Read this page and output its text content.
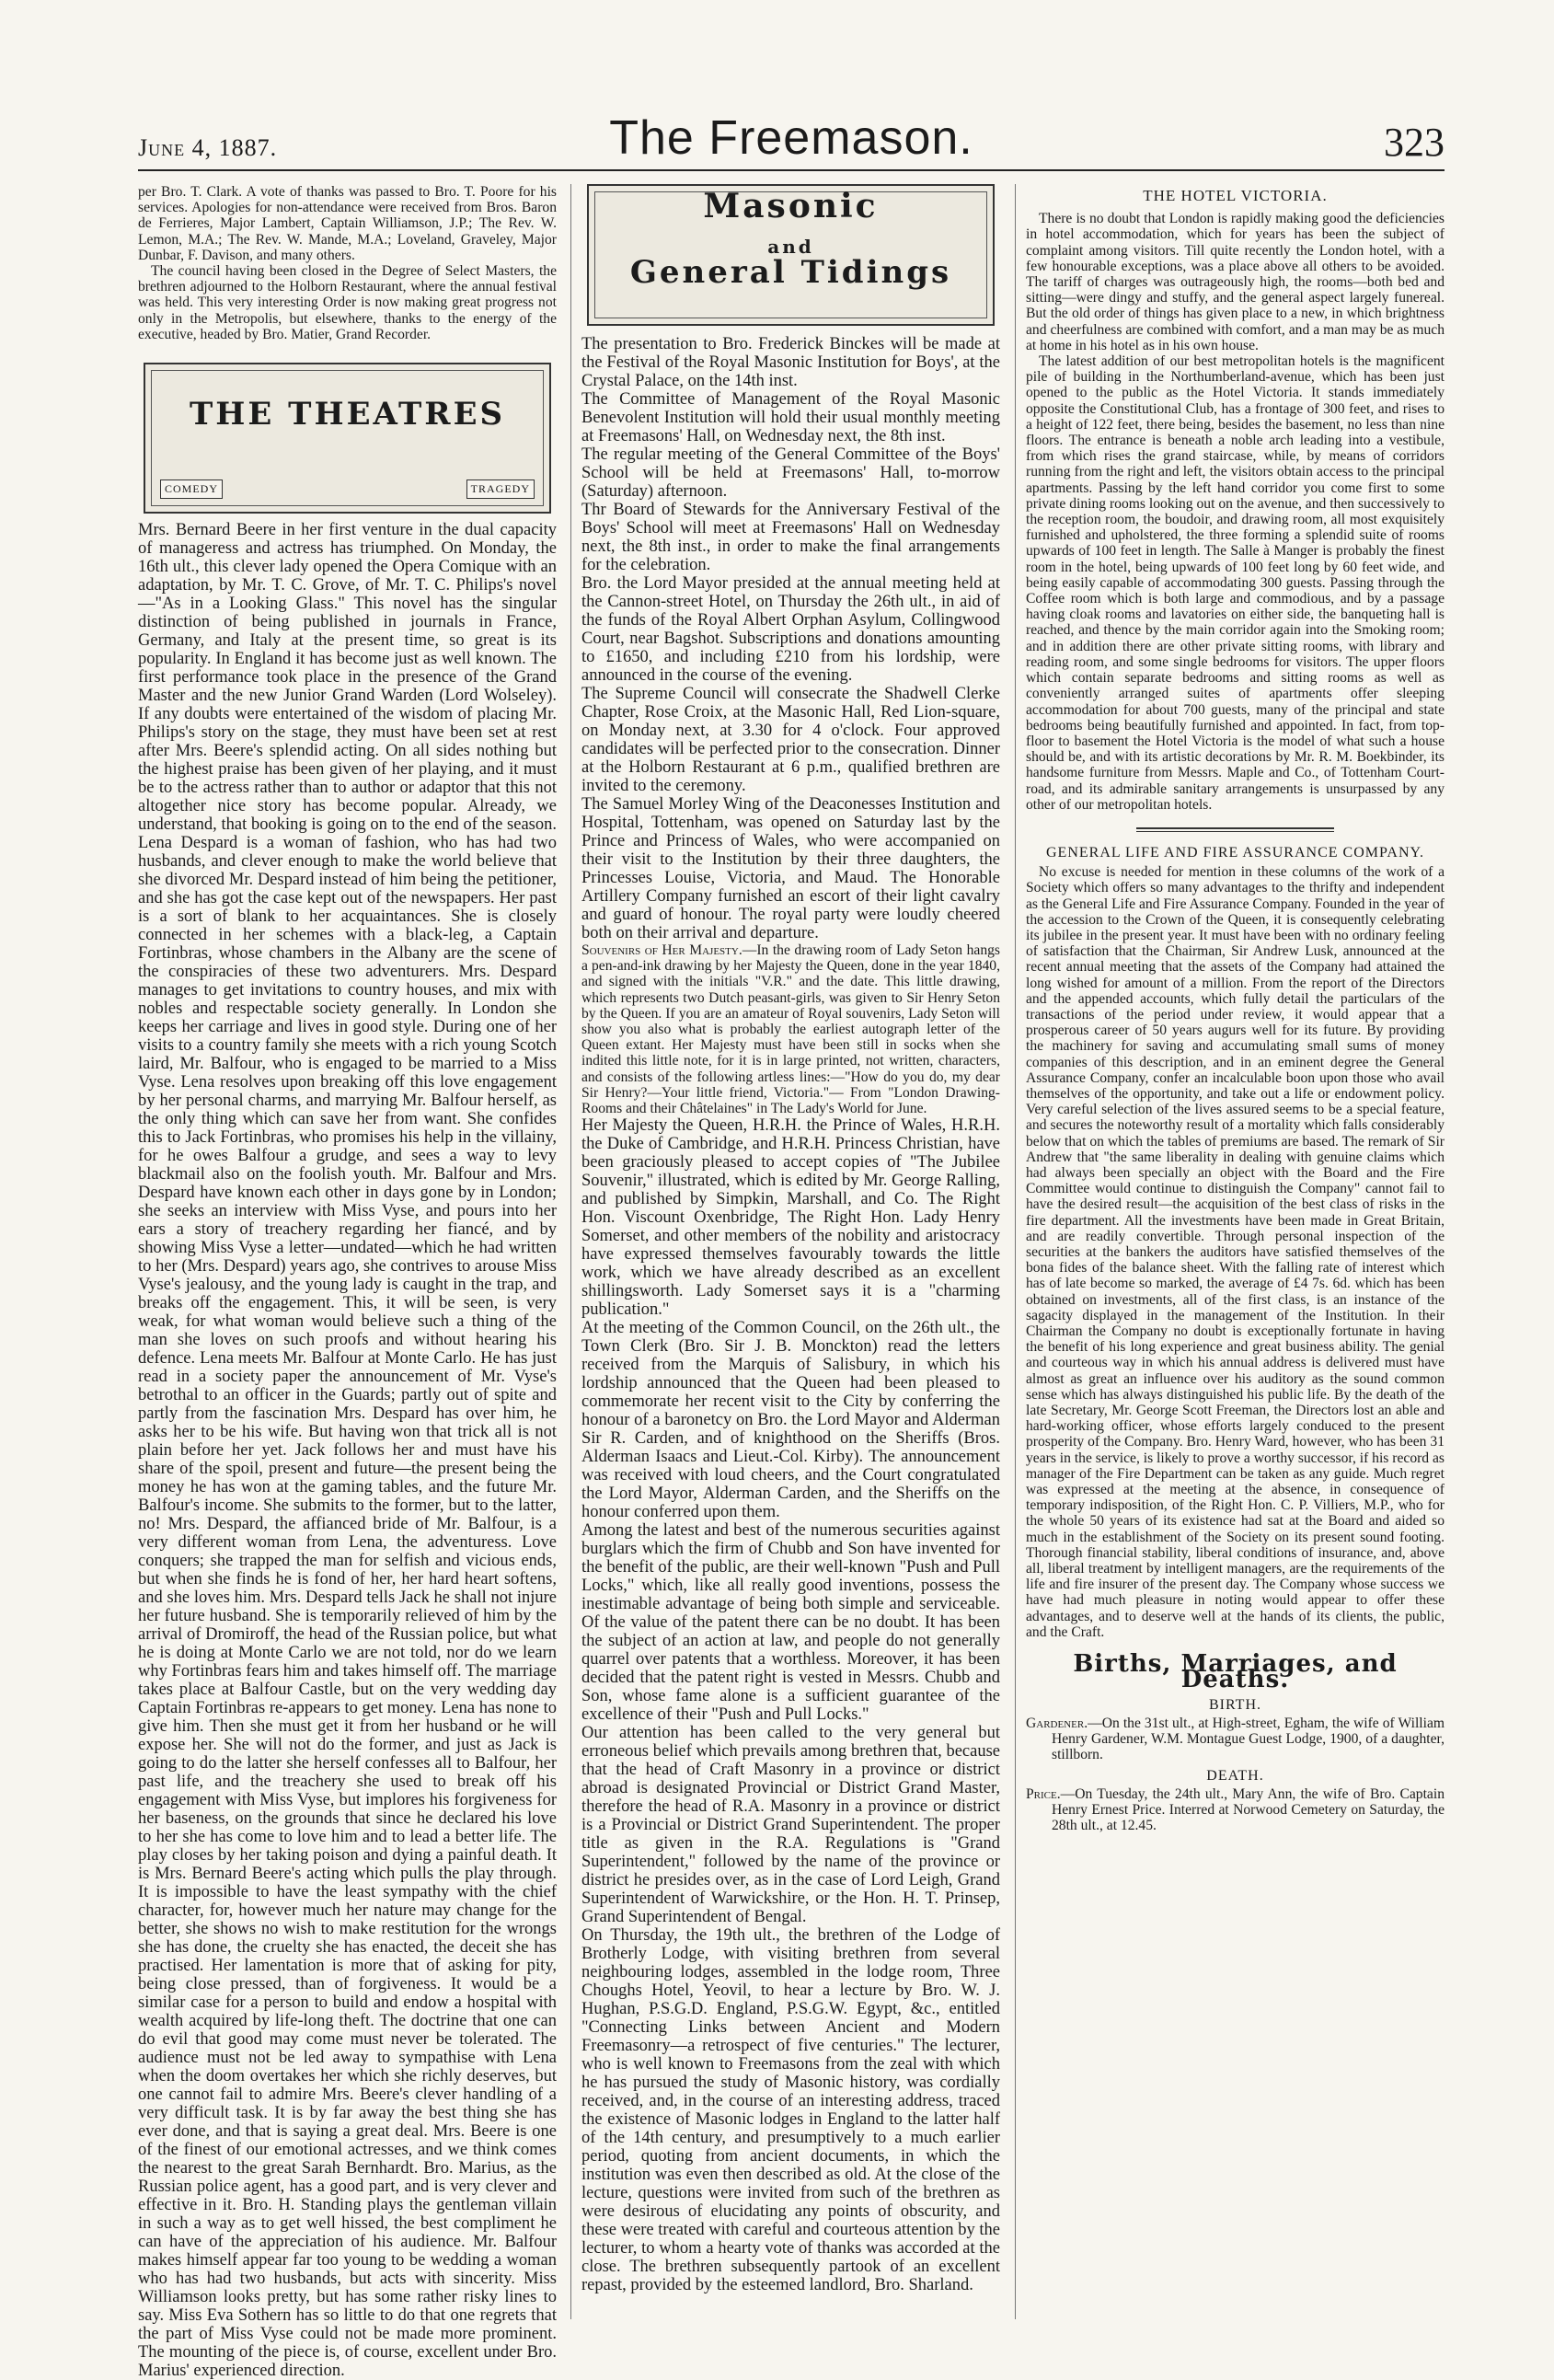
June 4, 1887.	The Freemason.	323

per Bro. T. Clark. A vote of thanks was passed to Bro. T. Poore for his services. Apologies for non-attendance were received from Bros. Baron de Ferrieres, Major Lambert, Captain Williamson, J.P.; The Rev. W. Lemon, M.A.; The Rev. W. Mande, M.A.; Loveland, Graveley, Major Dunbar, F. Davison, and many others.

The council having been closed in the Degree of Select Masters, the brethren adjourned to the Holborn Restaurant, where the annual festival was held. This very interesting Order is now making great progress not only in the Metropolis, but elsewhere, thanks to the energy of the executive, headed by Bro. Matier, Grand Recorder.

THE THEATRES
COMEDY	TRAGEDY

Mrs. Bernard Beere in her first venture in the dual capacity of manageress and actress has triumphed. On Monday, the 16th ult., this clever lady opened the Opera Comique with an adaptation, by Mr. T. C. Grove, of Mr. T. C. Philips's novel—"As in a Looking Glass." This novel has the singular distinction of being published in journals in France, Germany, and Italy at the present time, so great is its popularity. In England it has become just as well known. The first performance took place in the presence of the Grand Master and the new Junior Grand Warden (Lord Wolseley). If any doubts were entertained of the wisdom of placing Mr. Philips's story on the stage, they must have been set at rest after Mrs. Beere's splendid acting. On all sides nothing but the highest praise has been given of her playing, and it must be to the actress rather than to author or adaptor that this not altogether nice story has become popular. Already, we understand, that booking is going on to the end of the season. Lena Despard is a woman of fashion, who has had two husbands, and clever enough to make the world believe that she divorced Mr. Despard instead of him being the petitioner, and she has got the case kept out of the newspapers. Her past is a sort of blank to her acquaintances. She is closely connected in her schemes with a black-leg, a Captain Fortinbras, whose chambers in the Albany are the scene of the conspiracies of these two adventurers. Mrs. Despard manages to get invitations to country houses, and mix with nobles and respectable society generally. In London she keeps her carriage and lives in good style. During one of her visits to a country family she meets with a rich young Scotch laird, Mr. Balfour, who is engaged to be married to a Miss Vyse. Lena resolves upon breaking off this love engagement by her personal charms, and marrying Mr. Balfour herself, as the only thing which can save her from want. She confides this to Jack Fortinbras, who promises his help in the villainy, for he owes Balfour a grudge, and sees a way to levy blackmail also on the foolish youth. Mr. Balfour and Mrs. Despard have known each other in days gone by in London; she seeks an interview with Miss Vyse, and pours into her ears a story of treachery regarding her fiancé, and by showing Miss Vyse a letter—undated—which he had written to her (Mrs. Despard) years ago, she contrives to arouse Miss Vyse's jealousy, and the young lady is caught in the trap, and breaks off the engagement. This, it will be seen, is very weak, for what woman would believe such a thing of the man she loves on such proofs and without hearing his defence. Lena meets Mr. Balfour at Monte Carlo. He has just read in a society paper the announcement of Mr. Vyse's betrothal to an officer in the Guards; partly out of spite and partly from the fascination Mrs. Despard has over him, he asks her to be his wife. But having won that trick all is not plain before her yet. Jack follows her and must have his share of the spoil, present and future—the present being the money he has won at the gaming tables, and the future Mr. Balfour's income. She submits to the former, but to the latter, no! Mrs. Despard, the affianced bride of Mr. Balfour, is a very different woman from Lena, the adventuress. Love conquers; she trapped the man for selfish and vicious ends, but when she finds he is fond of her, her hard heart softens, and she loves him. Mrs. Despard tells Jack he shall not injure her future husband. She is temporarily relieved of him by the arrival of Dromiroff, the head of the Russian police, but what he is doing at Monte Carlo we are not told, nor do we learn why Fortinbras fears him and takes himself off. The marriage takes place at Balfour Castle, but on the very wedding day Captain Fortinbras re-appears to get money. Lena has none to give him. Then she must get it from her husband or he will expose her. She will not do the former, and just as Jack is going to do the latter she herself confesses all to Balfour, her past life, and the treachery she used to break off his engagement with Miss Vyse, but implores his forgiveness for her baseness, on the grounds that since he declared his love to her she has come to love him and to lead a better life. The play closes by her taking poison and dying a painful death. It is Mrs. Bernard Beere's acting which pulls the play through. It is impossible to have the least sympathy with the chief character, for, however much her nature may change for the better, she shows no wish to make restitution for the wrongs she has done, the cruelty she has enacted, the deceit she has practised. Her lamentation is more that of asking for pity, being close pressed, than of forgiveness. It would be a similar case for a person to build and endow a hospital with wealth acquired by life-long theft. The doctrine that one can do evil that good may come must never be tolerated. The audience must not be led away to sympathise with Lena when the doom overtakes her which she richly deserves, but one cannot fail to admire Mrs. Beere's clever handling of a very difficult task. It is by far away the best thing she has ever done, and that is saying a great deal. Mrs. Beere is one of the finest of our emotional actresses, and we think comes the nearest to the great Sarah Bernhardt. Bro. Marius, as the Russian police agent, has a good part, and is very clever and effective in it. Bro. H. Standing plays the gentleman villain in such a way as to get well hissed, the best compliment he can have of the appreciation of his audience. Mr. Balfour makes himself appear far too young to be wedding a woman who has had two husbands, but acts with sincerity. Miss Williamson looks pretty, but has some rather risky lines to say. Miss Eva Sothern has so little to do that one regrets that the part of Miss Vyse could not be made more prominent. The mounting of the piece is, of course, excellent under Bro. Marius' experienced direction.

Masonic
and
General Tidings

The presentation to Bro. Frederick Binckes will be made at the Festival of the Royal Masonic Institution for Boys', at the Crystal Palace, on the 14th inst.

The Committee of Management of the Royal Masonic Benevolent Institution will hold their usual monthly meeting at Freemasons' Hall, on Wednesday next, the 8th inst.

The regular meeting of the General Committee of the Boys' School will be held at Freemasons' Hall, to-morrow (Saturday) afternoon.

Thr Board of Stewards for the Anniversary Festival of the Boys' School will meet at Freemasons' Hall on Wednesday next, the 8th inst., in order to make the final arrangements for the celebration.

Bro. the Lord Mayor presided at the annual meeting held at the Cannon-street Hotel, on Thursday the 26th ult., in aid of the funds of the Royal Albert Orphan Asylum, Collingwood Court, near Bagshot. Subscriptions and donations amounting to £1650, and including £210 from his lordship, were announced in the course of the evening.

The Supreme Council will consecrate the Shadwell Clerke Chapter, Rose Croix, at the Masonic Hall, Red Lion-square, on Monday next, at 3.30 for 4 o'clock. Four approved candidates will be perfected prior to the consecration. Dinner at the Holborn Restaurant at 6 p.m., qualified brethren are invited to the ceremony.

The Samuel Morley Wing of the Deaconesses Institution and Hospital, Tottenham, was opened on Saturday last by the Prince and Princess of Wales, who were accompanied on their visit to the Institution by their three daughters, the Princesses Louise, Victoria, and Maud. The Honorable Artillery Company furnished an escort of their light cavalry and guard of honour. The royal party were loudly cheered both on their arrival and departure.

Souvenirs of Her Majesty.—In the drawing room of Lady Seton hangs a pen-and-ink drawing by her Majesty the Queen, done in the year 1840, and signed with the initials "V.R." and the date. This little drawing, which represents two Dutch peasant-girls, was given to Sir Henry Seton by the Queen. If you are an amateur of Royal souvenirs, Lady Seton will show you also what is probably the earliest autograph letter of the Queen extant. Her Majesty must have been still in socks when she indited this little note, for it is in large printed, not written, characters, and consists of the following artless lines:—"How do you do, my dear Sir Henry?—Your little friend, Victoria."— From "London Drawing-Rooms and their Châtelaines" in The Lady's World for June.

Her Majesty the Queen, H.R.H. the Prince of Wales, H.R.H. the Duke of Cambridge, and H.R.H. Princess Christian, have been graciously pleased to accept copies of "The Jubilee Souvenir," illustrated, which is edited by Mr. George Ralling, and published by Simpkin, Marshall, and Co. The Right Hon. Viscount Oxenbridge, The Right Hon. Lady Henry Somerset, and other members of the nobility and aristocracy have expressed themselves favourably towards the little work, which we have already described as an excellent shillingsworth. Lady Somerset says it is a "charming publication."

At the meeting of the Common Council, on the 26th ult., the Town Clerk (Bro. Sir J. B. Monckton) read the letters received from the Marquis of Salisbury, in which his lordship announced that the Queen had been pleased to commemorate her recent visit to the City by conferring the honour of a baronetcy on Bro. the Lord Mayor and Alderman Sir R. Carden, and of knighthood on the Sheriffs (Bros. Alderman Isaacs and Lieut.-Col. Kirby). The announcement was received with loud cheers, and the Court congratulated the Lord Mayor, Alderman Carden, and the Sheriffs on the honour conferred upon them.

Among the latest and best of the numerous securities against burglars which the firm of Chubb and Son have invented for the benefit of the public, are their well-known "Push and Pull Locks," which, like all really good inventions, possess the inestimable advantage of being both simple and serviceable. Of the value of the patent there can be no doubt. It has been the subject of an action at law, and people do not generally quarrel over patents that a worthless. Moreover, it has been decided that the patent right is vested in Messrs. Chubb and Son, whose fame alone is a sufficient guarantee of the excellence of their "Push and Pull Locks."

Our attention has been called to the very general but erroneous belief which prevails among brethren that, because that the head of Craft Masonry in a province or district abroad is designated Provincial or District Grand Master, therefore the head of R.A. Masonry in a province or district is a Provincial or District Grand Superintendent. The proper title as given in the R.A. Regulations is "Grand Superintendent," followed by the name of the province or district he presides over, as in the case of Lord Leigh, Grand Superintendent of Warwickshire, or the Hon. H. T. Prinsep, Grand Superintendent of Bengal.

On Thursday, the 19th ult., the brethren of the Lodge of Brotherly Lodge, with visiting brethren from several neighbouring lodges, assembled in the lodge room, Three Choughs Hotel, Yeovil, to hear a lecture by Bro. W. J. Hughan, P.S.G.D. England, P.S.G.W. Egypt, &c., entitled "Connecting Links between Ancient and Modern Freemasonry—a retrospect of five centuries." The lecturer, who is well known to Freemasons from the zeal with which he has pursued the study of Masonic history, was cordially received, and, in the course of an interesting address, traced the existence of Masonic lodges in England to the latter half of the 14th century, and presumptively to a much earlier period, quoting from ancient documents, in which the institution was even then described as old. At the close of the lecture, questions were invited from such of the brethren as were desirous of elucidating any points of obscurity, and these were treated with careful and courteous attention by the lecturer, to whom a hearty vote of thanks was accorded at the close. The brethren subsequently partook of an excellent repast, provided by the esteemed landlord, Bro. Sharland.

THE HOTEL VICTORIA.

There is no doubt that London is rapidly making good the deficiencies in hotel accommodation, which for years has been the subject of complaint among visitors. Till quite recently the London hotel, with a few honourable exceptions, was a place above all others to be avoided. The tariff of charges was outrageously high, the rooms—both bed and sitting—were dingy and stuffy, and the general aspect largely funereal. But the old order of things has given place to a new, in which brightness and cheerfulness are combined with comfort, and a man may be as much at home in his hotel as in his own house.

The latest addition of our best metropolitan hotels is the magnificent pile of building in the Northumberland-avenue, which has been just opened to the public as the Hotel Victoria. It stands immediately opposite the Constitutional Club, has a frontage of 300 feet, and rises to a height of 122 feet, there being, besides the basement, no less than nine floors. The entrance is beneath a noble arch leading into a vestibule, from which rises the grand staircase, while, by means of corridors running from the right and left, the visitors obtain access to the principal apartments. Passing by the left hand corridor you come first to some private dining rooms looking out on the avenue, and then successively to the reception room, the boudoir, and drawing room, all most exquisitely furnished and upholstered, the three forming a splendid suite of rooms upwards of 100 feet in length. The Salle à Manger is probably the finest room in the hotel, being upwards of 100 feet long by 60 feet wide, and being easily capable of accommodating 300 guests. Passing through the Coffee room which is both large and commodious, and by a passage having cloak rooms and lavatories on either side, the banqueting hall is reached, and thence by the main corridor again into the Smoking room; and in addition there are other private sitting rooms, with library and reading room, and some single bedrooms for visitors. The upper floors which contain separate bedrooms and sitting rooms as well as conveniently arranged suites of apartments offer sleeping accommodation for about 700 guests, many of the principal and state bedrooms being beautifully furnished and appointed. In fact, from top-floor to basement the Hotel Victoria is the model of what such a house should be, and with its artistic decorations by Mr. R. M. Boekbinder, its handsome furniture from Messrs. Maple and Co., of Tottenham Court-road, and its admirable sanitary arrangements is unsurpassed by any other of our metropolitan hotels.

GENERAL LIFE AND FIRE ASSURANCE COMPANY.

No excuse is needed for mention in these columns of the work of a Society which offers so many advantages to the thrifty and independent as the General Life and Fire Assurance Company. Founded in the year of the accession to the Crown of the Queen, it is consequently celebrating its jubilee in the present year. It must have been with no ordinary feeling of satisfaction that the Chairman, Sir Andrew Lusk, announced at the recent annual meeting that the assets of the Company had attained the long wished for amount of a million. From the report of the Directors and the appended accounts, which fully detail the particulars of the transactions of the period under review, it would appear that a prosperous career of 50 years augurs well for its future. By providing the machinery for saving and accumulating small sums of money companies of this description, and in an eminent degree the General Assurance Company, confer an incalculable boon upon those who avail themselves of the opportunity, and take out a life or endowment policy. Very careful selection of the lives assured seems to be a special feature, and secures the noteworthy result of a mortality which falls considerably below that on which the tables of premiums are based. The remark of Sir Andrew that "the same liberality in dealing with genuine claims which had always been specially an object with the Board and the Fire Committee would continue to distinguish the Company" cannot fail to have the desired result—the acquisition of the best class of risks in the fire department. All the investments have been made in Great Britain, and are readily convertible. Through personal inspection of the securities at the bankers the auditors have satisfied themselves of the bona fides of the balance sheet. With the falling rate of interest which has of late become so marked, the average of £4 7s. 6d. which has been obtained on investments, all of the first class, is an instance of the sagacity displayed in the management of the Institution. In their Chairman the Company no doubt is exceptionally fortunate in having the benefit of his long experience and great business ability. The genial and courteous way in which his annual address is delivered must have almost as great an influence over his auditory as the sound common sense which has always distinguished his public life. By the death of the late Secretary, Mr. George Scott Freeman, the Directors lost an able and hard-working officer, whose efforts largely conduced to the present prosperity of the Company. Bro. Henry Ward, however, who has been 31 years in the service, is likely to prove a worthy successor, if his record as manager of the Fire Department can be taken as any guide. Much regret was expressed at the meeting at the absence, in consequence of temporary indisposition, of the Right Hon. C. P. Villiers, M.P., who for the whole 50 years of its existence had sat at the Board and aided so much in the establishment of the Society on its present sound footing. Thorough financial stability, liberal conditions of insurance, and, above all, liberal treatment by intelligent managers, are the requirements of the life and fire insurer of the present day. The Company whose success we have had much pleasure in noting would appear to offer these advantages, and to deserve well at the hands of its clients, the public, and the Craft.

Births, Marriages, and Deaths.
BIRTH.

Gardener.—On the 31st ult., at High-street, Egham, the wife of William Henry Gardener, W.M. Montague Guest Lodge, 1900, of a daughter, stillborn.

DEATH.

Price.—On Tuesday, the 24th ult., Mary Ann, the wife of Bro. Captain Henry Ernest Price. Interred at Norwood Cemetery on Saturday, the 28th ult., at 12.45.
